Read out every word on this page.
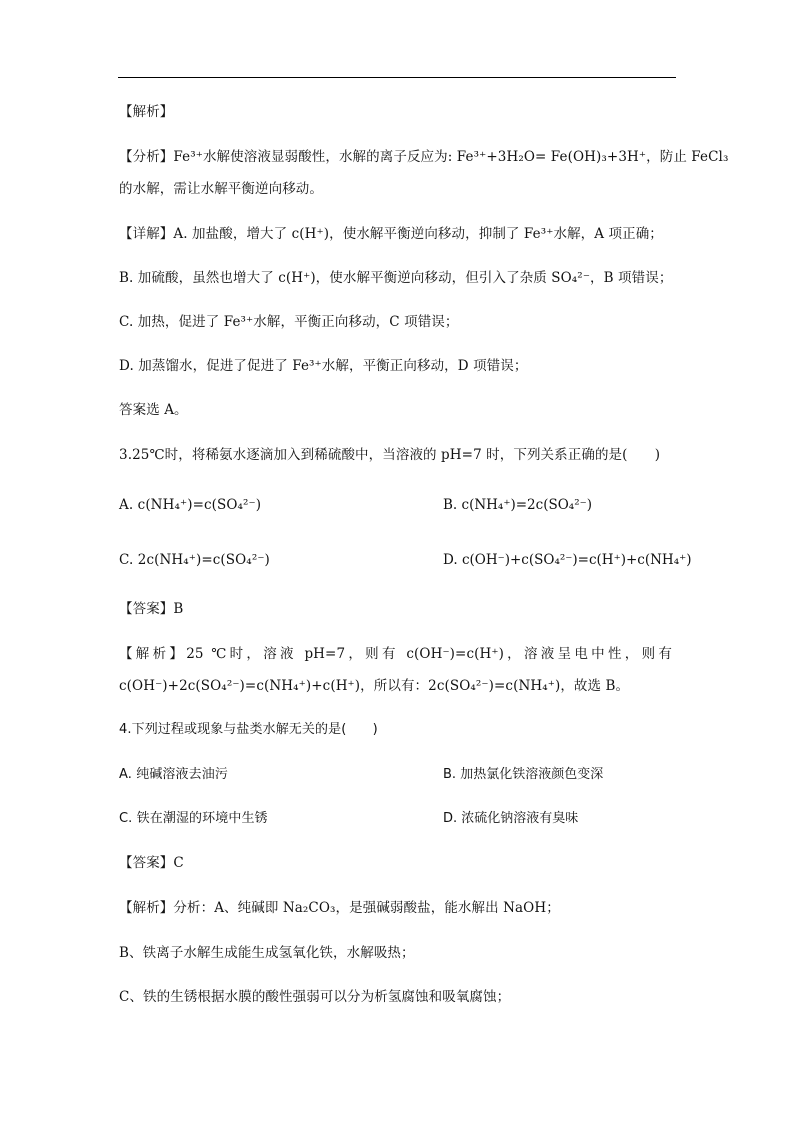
【解析】
【分析】Fe³⁺水解使溶液显弱酸性，水解的离子反应为: Fe³⁺+3H₂O= Fe(OH)₃+3H⁺，防止 FeCl₃
的水解，需让水解平衡逆向移动。
【详解】A. 加盐酸，增大了 c(H⁺)，使水解平衡逆向移动，抑制了 Fe³⁺水解，A 项正确；
B. 加硫酸，虽然也增大了 c(H⁺)，使水解平衡逆向移动，但引入了杂质 SO₄²⁻，B 项错误；
C. 加热，促进了 Fe³⁺水解，平衡正向移动，C 项错误；
D. 加蒸馏水，促进了促进了 Fe³⁺水解，平衡正向移动，D 项错误；
答案选 A。
3.25℃时，将稀氨水逐滴加入到稀硫酸中，当溶液的 pH=7 时，下列关系正确的是(　　)
A. c(NH₄⁺)=c(SO₄²⁻)	B. c(NH₄⁺)=2c(SO₄²⁻)
C. 2c(NH₄⁺)=c(SO₄²⁻)	D. c(OH⁻)+c(SO₄²⁻)=c(H⁺)+c(NH₄⁺)
【答案】B
【解析】25 ℃时，溶液 pH=7，则有 c(OH⁻)=c(H⁺)，溶液呈电中性，则有
c(OH⁻)+2c(SO₄²⁻)=c(NH₄⁺)+c(H⁺)，所以有：2c(SO₄²⁻)=c(NH₄⁺)，故选 B。
4.下列过程或现象与盐类水解无关的是(　　)
A. 纯碱溶液去油污	B. 加热氯化铁溶液颜色变深
C. 铁在潮湿的环境中生锈	D. 浓硫化钠溶液有臭味
【答案】C
【解析】分析：A、纯碱即 Na₂CO₃，是强碱弱酸盐，能水解出 NaOH；
B、铁离子水解生成能生成氢氧化铁，水解吸热；
C、铁的生锈根据水膜的酸性强弱可以分为析氢腐蚀和吸氧腐蚀；
